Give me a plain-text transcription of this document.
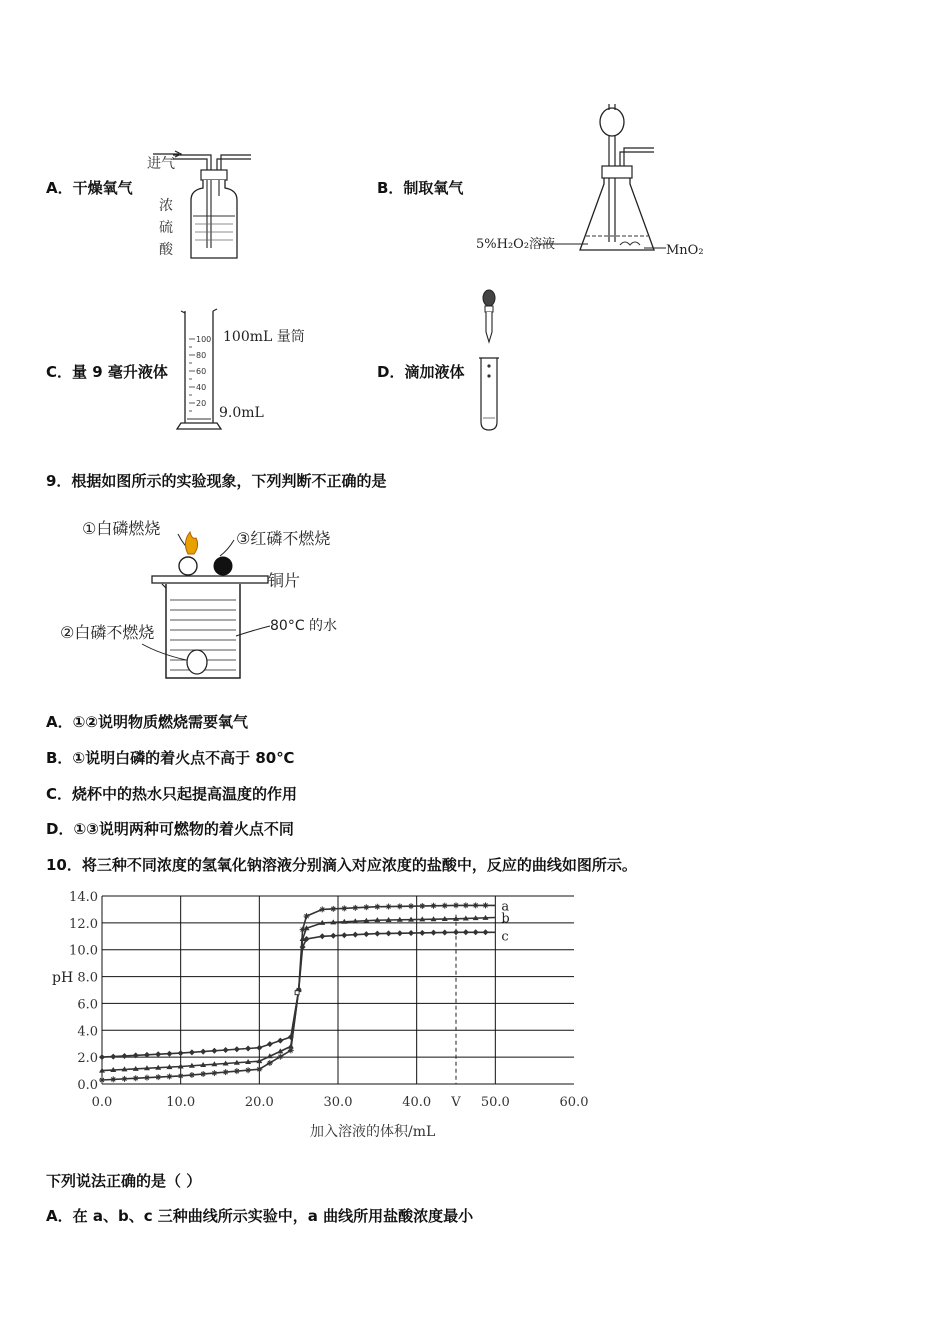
A．干燥氧气
进气
浓
硫
酸
B．制取氧气
5%H₂O₂溶液	MnO₂
C．量 9 毫升液体
100
80
60
40
20
100mL 量筒
9.0mL
D．滴加液体
9．根据如图所示的实验现象，下列判断不正确的是
①白磷燃烧
③红磷不燃烧
铜片
②白磷不燃烧	80°C 的水
A．①②说明物质燃烧需要氧气
B．①说明白磷的着火点不高于 80℃
C．烧杯中的热水只起提高温度的作用
D．①③说明两种可燃物的着火点不同
10．将三种不同浓度的氢氧化钠溶液分别滴入对应浓度的盐酸中，反应的曲线如图所示。
0.0
2.0
4.0
6.0
8.0
10.0
12.0
14.0
0.0	10.0	20.0	30.0	40.0 V 50.0	60.0
a
b
c
pH
加入溶液的体积/mL
下列说法正确的是（ ）
A．在 a、b、c 三种曲线所示实验中，a 曲线所用盐酸浓度最小
